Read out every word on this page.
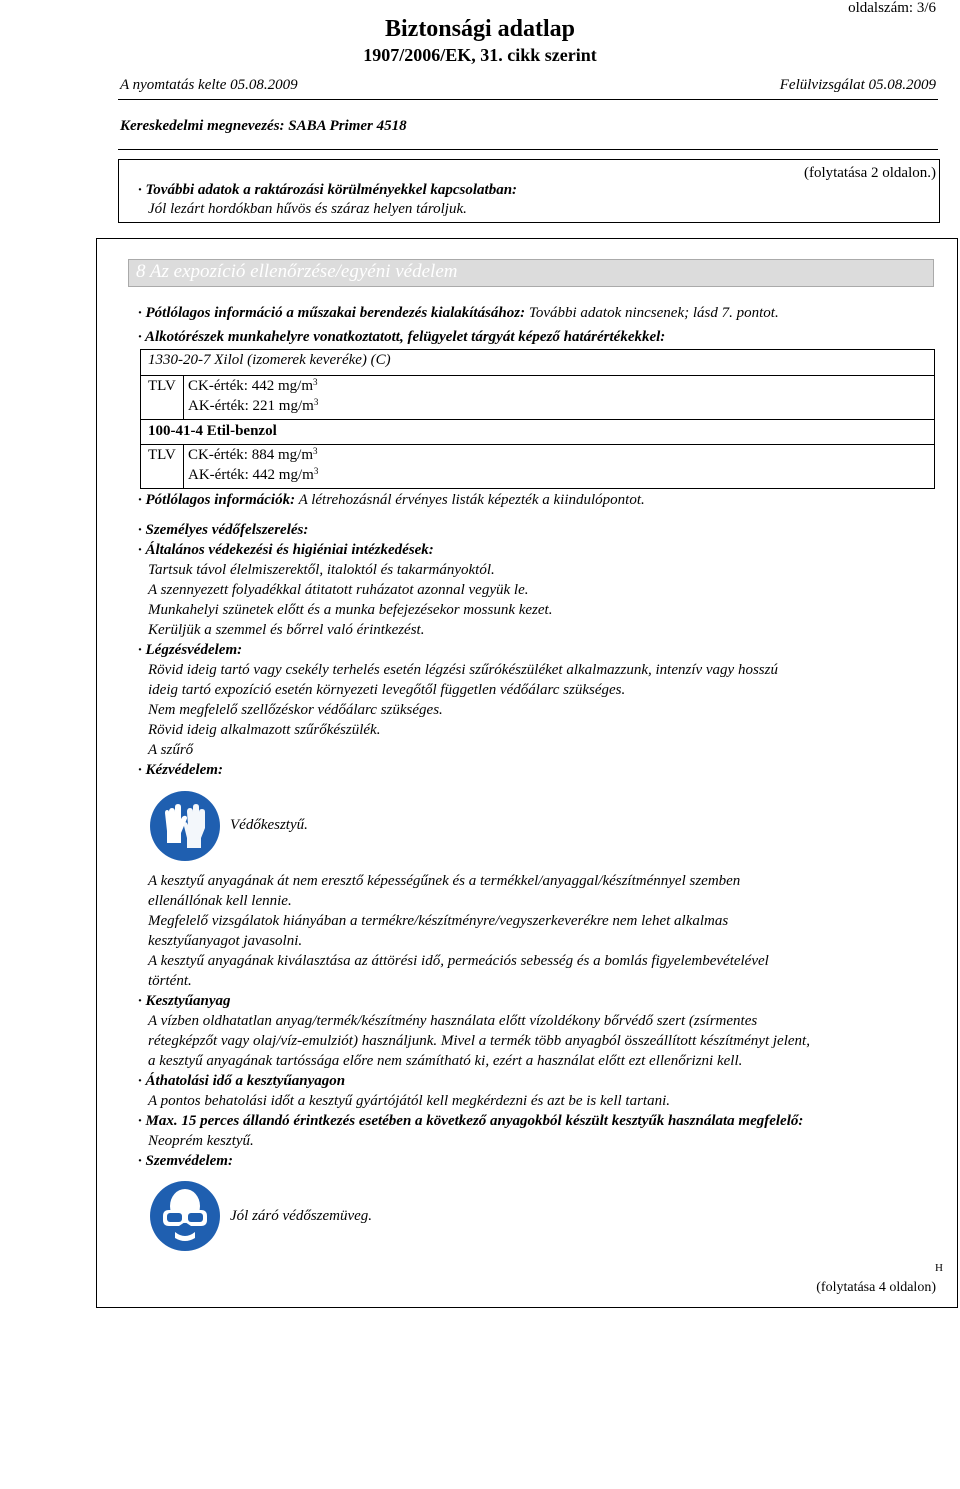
oldalszám: 3/6
Biztonsági adatlap
1907/2006/EK, 31. cikk szerint
A nyomtatás kelte 05.08.2009	Felülvizsgálat 05.08.2009
Kereskedelmi megnevezés: SABA Primer 4518
(folytatása 2 oldalon.)
· További adatok a raktározási körülményekkel kapcsolatban:
Jól lezárt hordókban hűvös és száraz helyen tároljuk.
8 Az expozíció ellenőrzése/egyéni védelem
· Pótlólagos információ a műszakai berendezés kialakításához: További adatok nincsenek; lásd 7. pontot.
· Alkotórészek munkahelyre vonatkoztatott, felügyelet tárgyát képező határértékekkel:
1330-20-7 Xilol (izomerek keveréke) (C)
TLV CK-érték: 442 $mg/m^3$
AK-érték: 221 $mg/m^3$
100-41-4 Etil-benzol
TLV CK-érték: 884 $mg/m^3$
AK-érték: 442 $mg/m^3$
· Pótlólagos információk: A létrehozásnál érvényes listák képezték a kiindulópontot.
· Személyes védőfelszerelés:
· Általános védekezési és higiéniai intézkedések:
Tartsuk távol élelmiszerektől, italoktól és takarmányoktól.
A szennyezett folyadékkal átitatott ruházatot azonnal vegyük le.
Munkahelyi szünetek előtt és a munka befejezésekor mossunk kezet.
Kerüljük a szemmel és bőrrel való érintkezést.
· Légzésvédelem:
Rövid ideig tartó vagy csekély terhelés esetén légzési szűrókészüléket alkalmazzunk, intenzív vagy hosszú
ideig tartó expozíció esetén környezeti levegőtől független védőálarc szükséges.
Nem megfelelő szellőzéskor védőálarc szükséges.
Rövid ideig alkalmazott szűrőkészülék.
A szűrő
· Kézvédelem:
Védőkesztyű.
A kesztyű anyagának át nem eresztő képességűnek és a termékkel/anyaggal/készítménnyel szemben
ellenállónak kell lennie.
Megfelelő vizsgálatok hiányában a termékre/készítményre/vegyszerkeverékre nem lehet alkalmas
kesztyűanyagot javasolni.
A kesztyű anyagának kiválasztása az áttörési idő, permeációs sebesség és a bomlás figyelembevételével
történt.
· Kesztyűanyag
A vízben oldhatatlan anyag/termék/készítmény használata előtt vízoldékony bőrvédő szert (zsírmentes
rétegképzőt vagy olaj/víz-emulziót) használjunk. Mivel a termék több anyagból összeállított készítményt jelent,
a kesztyű anyagának tartóssága előre nem számítható ki, ezért a használat előtt ezt ellenőrizni kell.
· Áthatolási idő a kesztyűanyagon
A pontos behatolási időt a kesztyű gyártójától kell megkérdezni és azt be is kell tartani.
· Max. 15 perces állandó érintkezés esetében a következő anyagokból készült kesztyűk használata megfelelő:
Neoprém kesztyű.
· Szemvédelem:
Jól záró védőszemüveg.
H
(folytatása 4 oldalon)
